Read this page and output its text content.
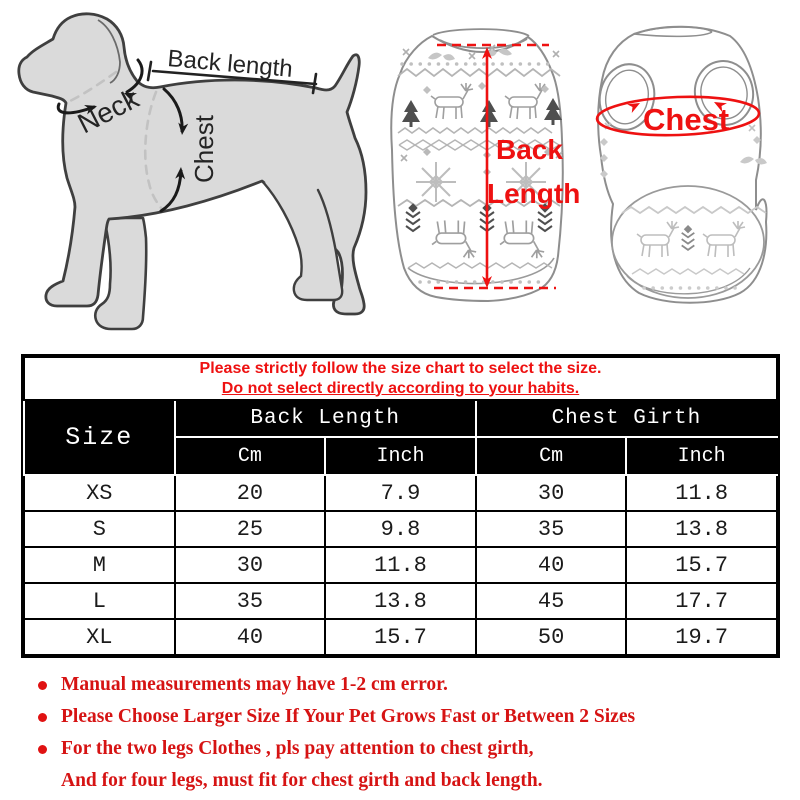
Back length
Neck
Chest	Back
Length
Chest
Please strictly follow the size chart to select the size.
Do not select directly according to your habits.				

Size	Back Length		Chest Girth	
	Cm	Inch	Cm	Inch
XS	20	7.9	30	11.8
S	25	9.8	35	13.8
M	30	11.8	40	15.7
L	35	13.8	45	17.7
XL	40	15.7	50	19.7
Manual measurements may have 1-2 cm error.
Please Choose Larger Size If Your Pet Grows Fast or Between 2 Sizes
For the two legs Clothes , pls pay attention to chest girth,
And for four legs, must fit for chest girth and back length.
